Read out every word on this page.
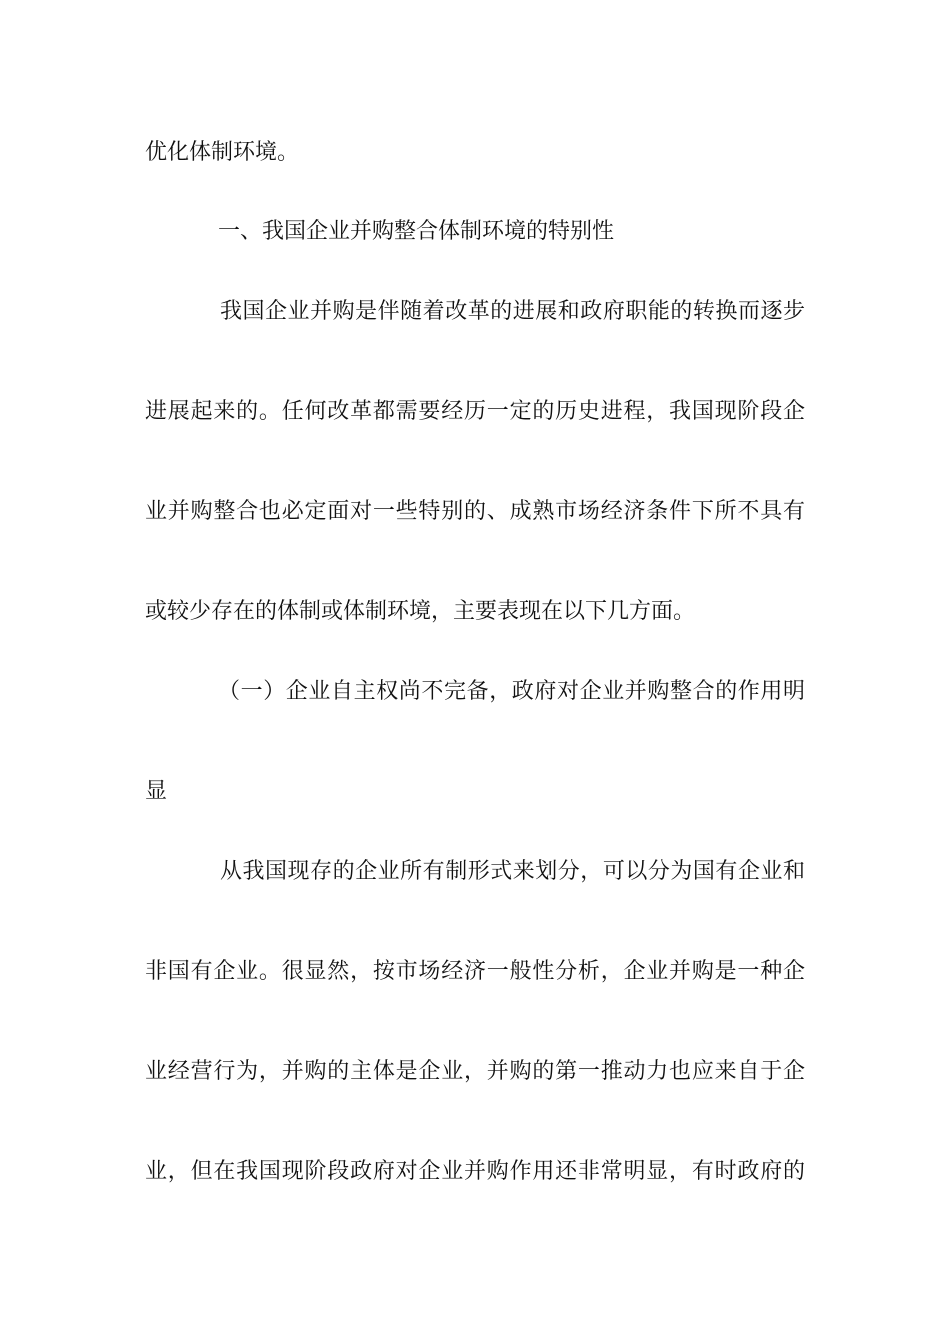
优化体制环境。
一、我国企业并购整合体制环境的特别性
我国企业并购是伴随着改革的进展和政府职能的转换而逐步
进展起来的。任何改革都需要经历一定的历史进程，我国现阶段企
业并购整合也必定面对一些特别的、成熟市场经济条件下所不具有
或较少存在的体制或体制环境，主要表现在以下几方面。
（一）企业自主权尚不完备，政府对企业并购整合的作用明
显
从我国现存的企业所有制形式来划分，可以分为国有企业和
非国有企业。很显然，按市场经济一般性分析，企业并购是一种企
业经营行为，并购的主体是企业，并购的第一推动力也应来自于企
业，但在我国现阶段政府对企业并购作用还非常明显，有时政府的
